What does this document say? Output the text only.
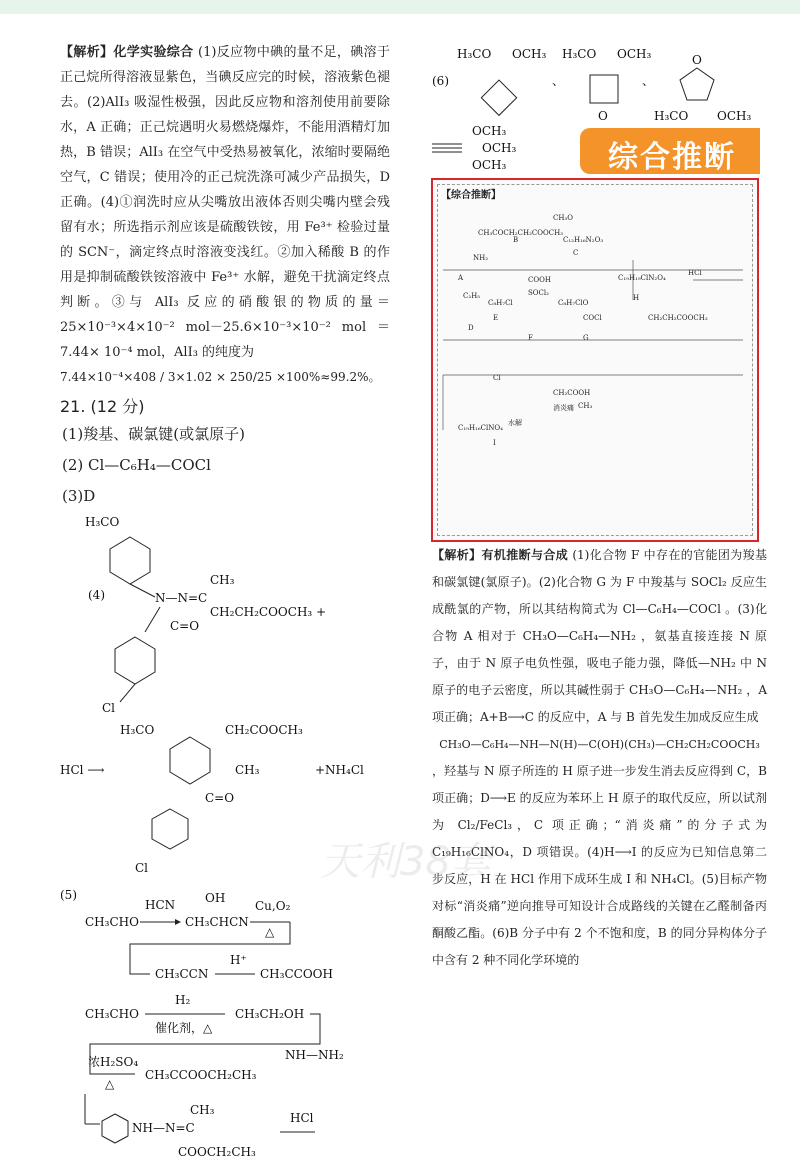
【解析】化学实验综合 (1)反应物中碘的量不足，碘溶于正己烷所得溶液显紫色，当碘反应完的时候，溶液紫色褪去。(2)AlI₃ 吸湿性极强，因此反应物和溶剂使用前要除水，A 正确；正己烷遇明火易燃烧爆炸，不能用酒精灯加热，B 错误；AlI₃ 在空气中受热易被氧化，浓缩时要隔绝空气，C 错误；使用冷的正己烷洗涤可减少产品损失，D 正确。(4)①润洗时应从尖嘴放出液体否则尖嘴内壁会残留有水；所选指示剂应该是硫酸铁铵，用 Fe³⁺ 检验过量的 SCN⁻，滴定终点时溶液变浅红。②加入稀酸 B 的作用是抑制硫酸铁铵溶液中 Fe³⁺ 水解，避免干扰滴定终点判断。③与 AlI₃ 反应的硝酸银的物质的量＝25×10⁻³×4×10⁻² mol－25.6×10⁻³×10⁻² mol ＝ 7.44× 10⁻⁴ mol，AlI₃ 的纯度为
7.44×10⁻⁴×408 / 3×1.02 × 250/25 ×100%≈99.2%。
21. (12 分)
(1)羧基、碳氯键(或氯原子)
(2) Cl—C₆H₄—COCl
(3)D
H₃CO
(4)	N—N=C
CH₃
CH₂CH₂COOCH₃ +
C=O
Cl
H₃CO	CH₂COOCH₃
CH₃
HCl ⟶	+NH₄Cl
C=O
Cl
(5)
CH₃CHO
HCN OH
CH₃CHCN
Cu,O₂
△
CH₃CCN
H⁺
CH₃CCOOH
CH₃CHO
H₂
催化剂，△
CH₃CH₂OH
浓H₂SO₄
△
CH₃CCOOCH₂CH₃
NH—NH₂
NH—N=C
CH₃
COOCH₂CH₃
HCl
(6)
H₃CO OCH₃
、
H₃CO OCH₃
O
、
O
H₃CO OCH₃
OCH₃
OCH₃
OCH₃	综合推断
【综合推断】
CH₃COCH₂CH₂COOCH₃
B	C₁₂H₁₆N₂O₃
C
C₁₉H₁₉ClN₂O₄
HCl
SOCl₂
C₈H₇Cl	C₈H₇ClO
COOH
COCl	CH₂CH₂COOCH₃
消炎痛
C₁₉H₁₆ClNO₄
水解
I
D
E
F	G
H
A
CH₃O
NH₂
Cl
CH₂COOH
CH₃
C₂H₅
【解析】有机推断与合成 (1)化合物 F 中存在的官能团为羧基和碳氯键(氯原子)。(2)化合物 G 为 F 中羧基与 SOCl₂ 反应生成酰氯的产物，所以其结构简式为 Cl—C₆H₄—COCl 。(3)化合物 A 相对于 CH₃O—C₆H₄—NH₂ ，氨基直接连接 N 原子，由于 N 原子电负性强，吸电子能力强，降低—NH₂ 中 N 原子的电子云密度，所以其碱性弱于 CH₃O—C₆H₄—NH₂ ，A 项正确；A+B⟶C 的反应中，A 与 B 首先发生加成反应生成
CH₃O—C₆H₄—NH—N(H)—C(OH)(CH₃)—CH₂CH₂COOCH₃
，羟基与 N 原子所连的 H 原子进一步发生消去反应得到 C，B 项正确；D⟶E 的反应为苯环上 H 原子的取代反应，所以试剂为 Cl₂/FeCl₃，C 项正确；“消炎痛”的分子式为 C₁₉H₁₆ClNO₄，D 项错误。(4)H⟶I 的反应为已知信息第二步反应，H 在 HCl 作用下成环生成 I 和 NH₄Cl。(5)目标产物对标“消炎痛”逆向推导可知设计合成路线的关键在乙醛制备丙酮酸乙酯。(6)B 分子中有 2 个不饱和度，B 的同分异构体分子中含有 2 种不同化学环境的
天利38套
